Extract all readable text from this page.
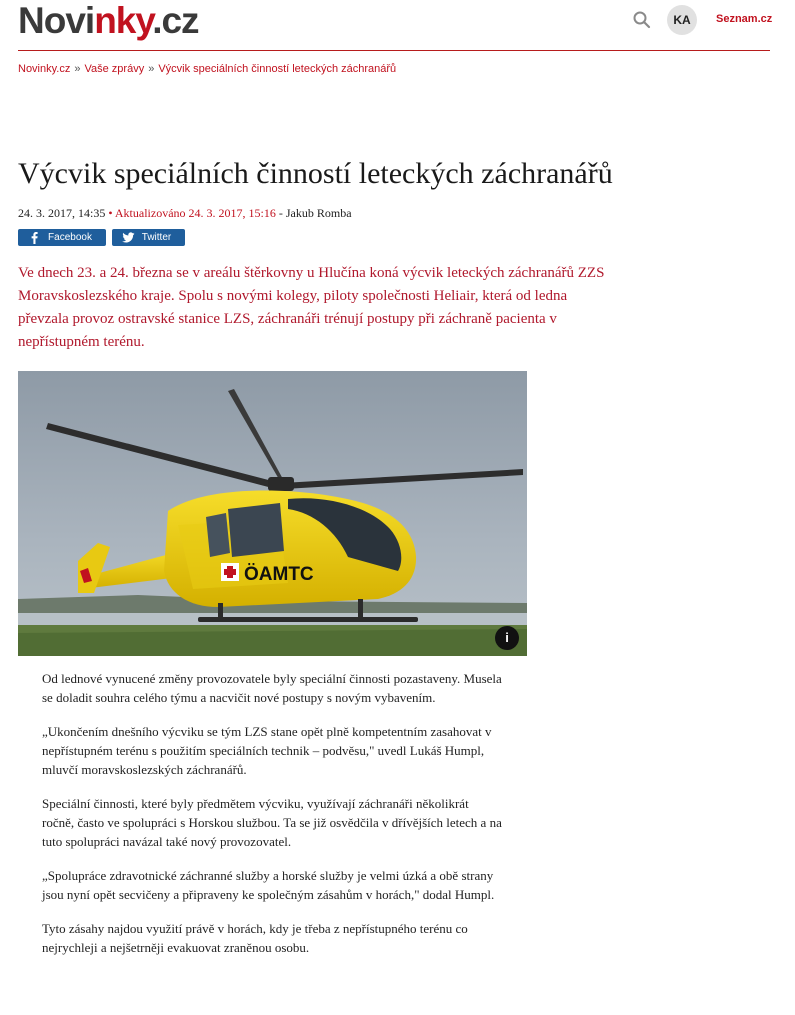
Novinky.cz	KA	Seznam.cz
Novinky.cz » Vaše zprávy » Výcvik speciálních činností leteckých záchranářů
Výcvik speciálních činností leteckých záchranářů
24. 3. 2017, 14:35 • Aktualizováno 24. 3. 2017, 15:16 - Jakub Romba
Facebook	Twitter

Ve dnech 23. a 24. března se v areálu štěrkovny u Hlučína koná výcvik leteckých záchranářů ZZS Moravskoslezského kraje. Spolu s novými kolegy, piloty společnosti Heliair, která od ledna převzala provoz ostravské stanice LZS, záchranáři trénují postupy při záchraně pacienta v nepřístupném terénu.

ÖAMTC
i

Od lednové vynucené změny provozovatele byly speciální činnosti pozastaveny. Musela se doladit souhra celého týmu a nacvičit nové postupy s novým vybavením.

„Ukončením dnešního výcviku se tým LZS stane opět plně kompetentním zasahovat v nepřístupném terénu s použitím speciálních technik – podvěsu," uvedl Lukáš Humpl, mluvčí moravskoslezských záchranářů.

Speciální činnosti, které byly předmětem výcviku, využívají záchranáři několikrát ročně, často ve spolupráci s Horskou službou. Ta se již osvědčila v dřívějších letech a na tuto spolupráci navázal také nový provozovatel.

„Spolupráce zdravotnické záchranné služby a horské služby je velmi úzká a obě strany jsou nyní opět secvičeny a připraveny ke společným zásahům v horách," dodal Humpl.

Tyto zásahy najdou využití právě v horách, kdy je třeba z nepřístupného terénu co nejrychleji a nejšetrněji evakuovat zraněnou osobu.
